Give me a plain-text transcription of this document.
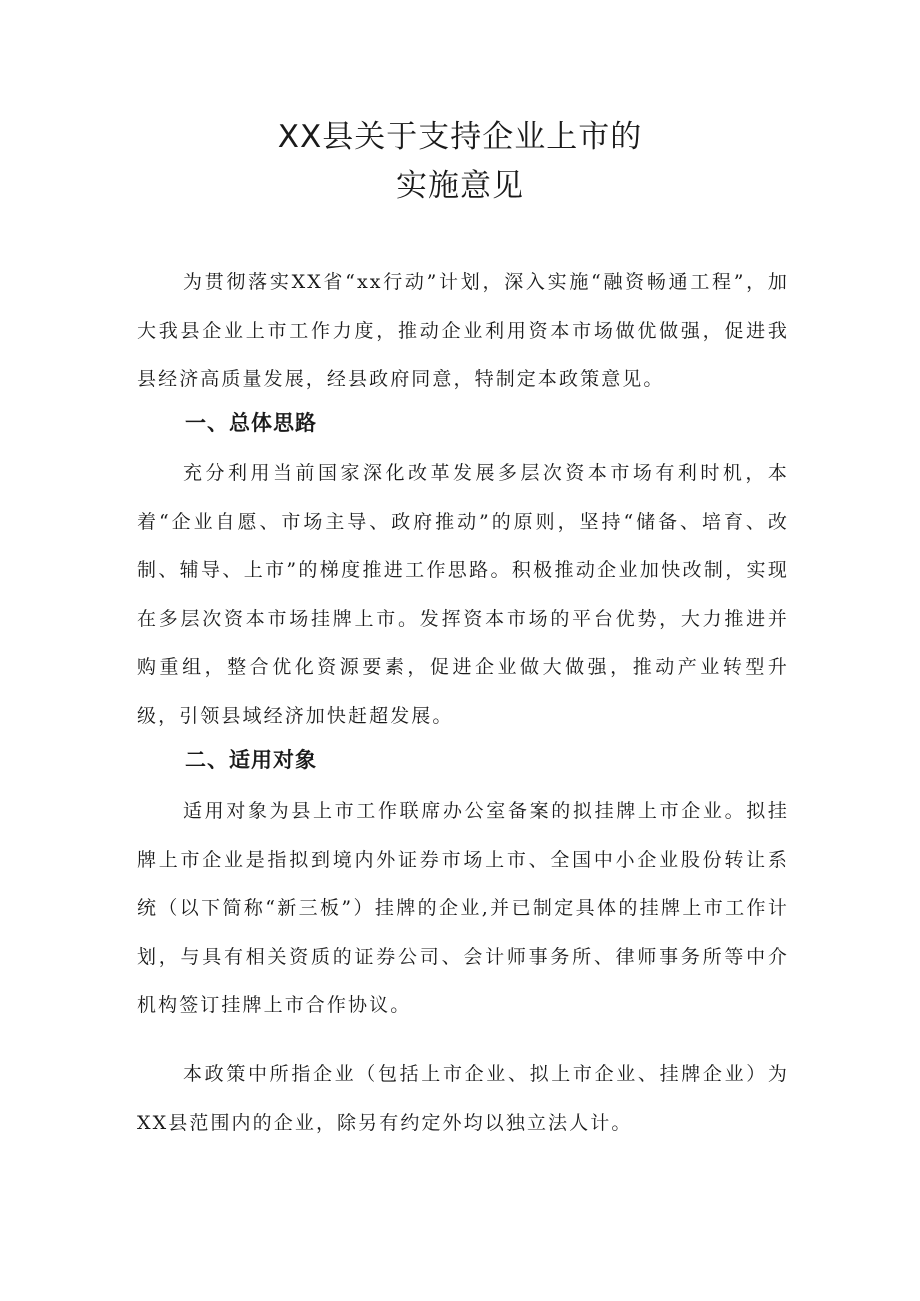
XX县关于支持企业上市的
实施意见

为贯彻落实XX省“xx行动”计划，深入实施“融资畅通工程”，加大我县企业上市工作力度，推动企业利用资本市场做优做强，促进我县经济高质量发展，经县政府同意，特制定本政策意见。

一、总体思路

充分利用当前国家深化改革发展多层次资本市场有利时机，本着“企业自愿、市场主导、政府推动”的原则，坚持“储备、培育、改制、辅导、上市”的梯度推进工作思路。积极推动企业加快改制，实现在多层次资本市场挂牌上市。发挥资本市场的平台优势，大力推进并购重组，整合优化资源要素，促进企业做大做强，推动产业转型升级，引领县域经济加快赶超发展。

二、适用对象

适用对象为县上市工作联席办公室备案的拟挂牌上市企业。拟挂牌上市企业是指拟到境内外证券市场上市、全国中小企业股份转让系统（以下简称“新三板”）挂牌的企业,并已制定具体的挂牌上市工作计划，与具有相关资质的证券公司、会计师事务所、律师事务所等中介机构签订挂牌上市合作协议。

本政策中所指企业（包括上市企业、拟上市企业、挂牌企业）为XX县范围内的企业，除另有约定外均以独立法人计。
